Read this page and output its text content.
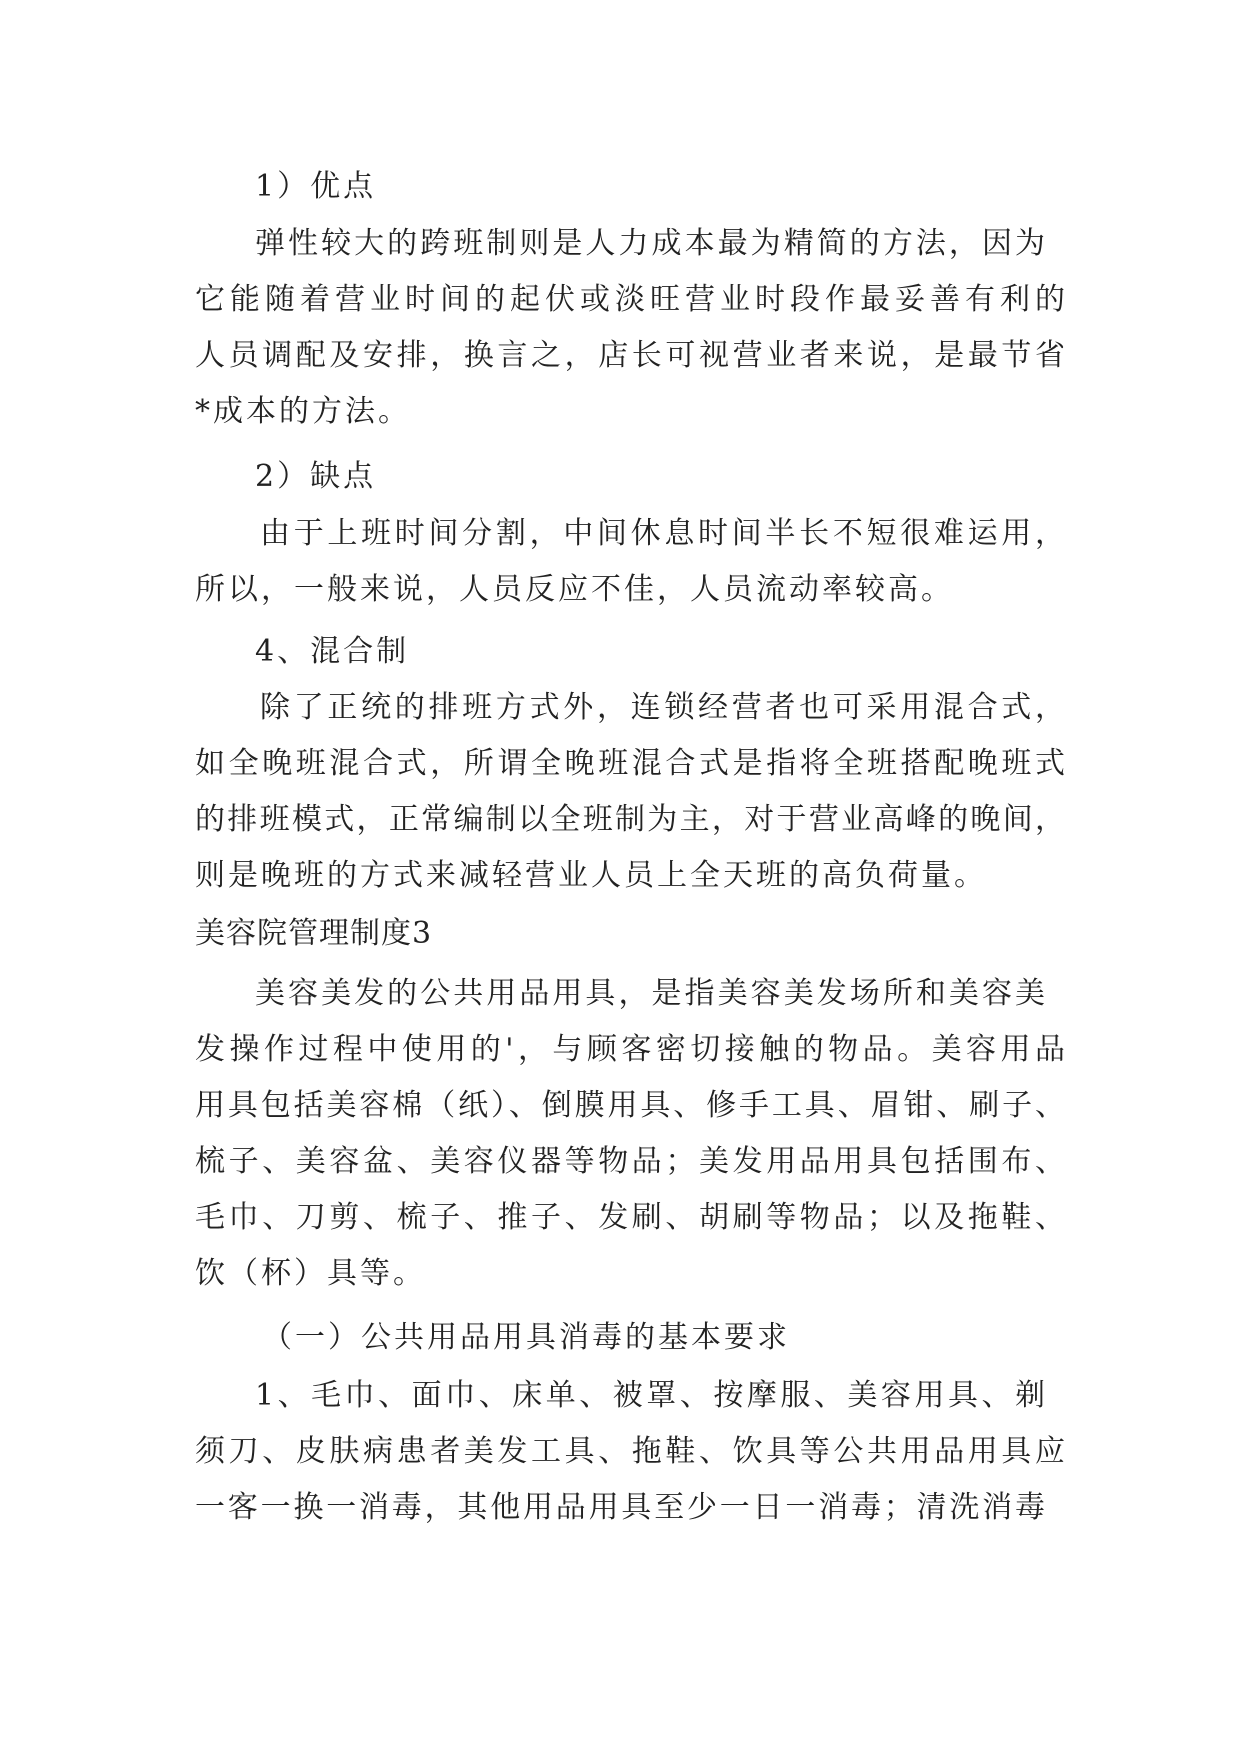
1）优点
弹性较大的跨班制则是人力成本最为精简的方法，因为
它能随着营业时间的起伏或淡旺营业时段作最妥善有利的
人员调配及安排，换言之，店长可视营业者来说，是最节省
*成本的方法。
2）缺点
由于上班时间分割，中间休息时间半长不短很难运用，
所以，一般来说，人员反应不佳，人员流动率较高。
4、混合制
除了正统的排班方式外，连锁经营者也可采用混合式，
如全晚班混合式，所谓全晚班混合式是指将全班搭配晚班式
的排班模式，正常编制以全班制为主，对于营业高峰的晚间，
则是晚班的方式来减轻营业人员上全天班的高负荷量。
美容院管理制度3
美容美发的公共用品用具，是指美容美发场所和美容美
发操作过程中使用的'，与顾客密切接触的物品。美容用品
用具包括美容棉（纸）、倒膜用具、修手工具、眉钳、刷子、
梳子、美容盆、美容仪器等物品；美发用品用具包括围布、
毛巾、刀剪、梳子、推子、发刷、胡刷等物品；以及拖鞋、
饮（杯）具等。
（一）公共用品用具消毒的基本要求
1、毛巾、面巾、床单、被罩、按摩服、美容用具、剃
须刀、皮肤病患者美发工具、拖鞋、饮具等公共用品用具应
一客一换一消毒，其他用品用具至少一日一消毒；清洗消毒
